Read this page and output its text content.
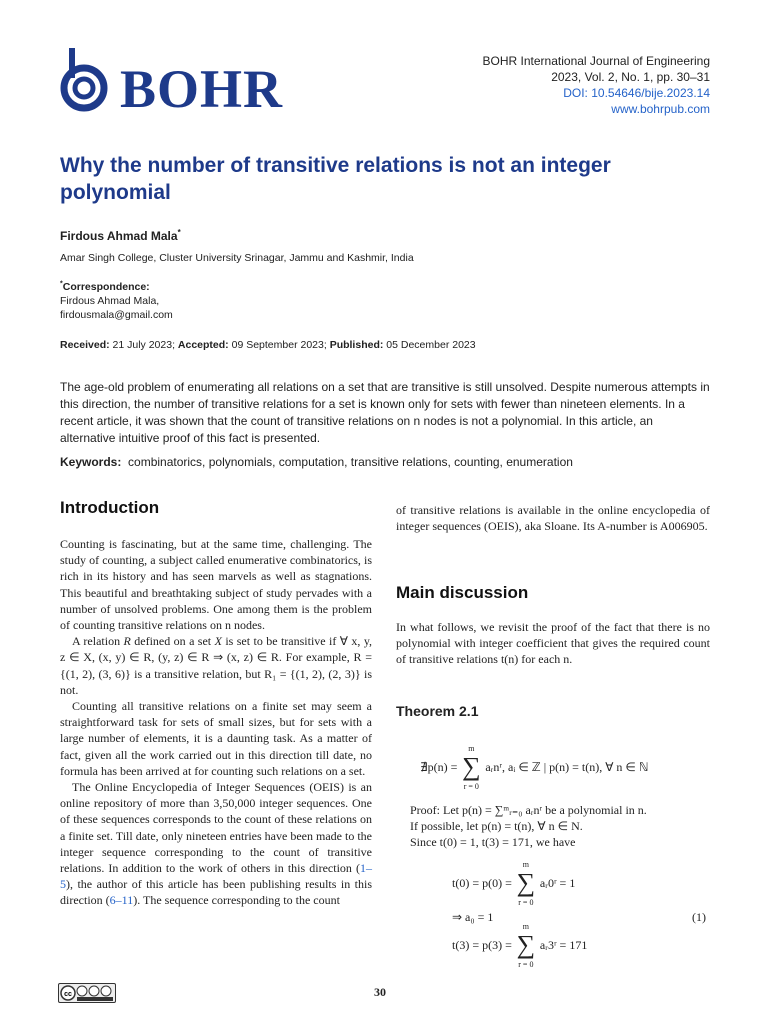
BOHR	BOHR International Journal of Engineering
2023, Vol. 2, No. 1, pp. 30–31
DOI: 10.54646/bije.2023.14
www.bohrpub.com
Why the number of transitive relations is not an integer polynomial
Firdous Ahmad Mala*
Amar Singh College, Cluster University Srinagar, Jammu and Kashmir, India
*Correspondence:
Firdous Ahmad Mala,
firdousmala@gmail.com
Received: 21 July 2023; Accepted: 09 September 2023; Published: 05 December 2023
The age-old problem of enumerating all relations on a set that are transitive is still unsolved. Despite numerous attempts in this direction, the number of transitive relations for a set is known only for sets with fewer than nineteen elements. In a recent article, it was shown that the count of transitive relations on n nodes is not a polynomial. In this article, an alternative intuitive proof of this fact is presented.
Keywords: combinatorics, polynomials, computation, transitive relations, counting, enumeration
Introduction

Counting is fascinating, but at the same time, challenging. The study of counting, a subject called enumerative combinatorics, is rich in its history and has seen marvels as well as stagnations. This beautiful and breathtaking subject of study pervades with a number of unsolved problems. One among them is the problem of counting transitive relations on n nodes.

A relation R defined on a set X is set to be transitive if ∀ x, y, z ∈ X, (x, y) ∈ R, (y, z) ∈ R ⇒ (x, z) ∈ R. For example, R = {(1, 2), (3, 6)} is a transitive relation, but R₁ = {(1, 2), (2, 3)} is not.

Counting all transitive relations on a finite set may seem a straightforward task for sets of small sizes, but for sets with a large number of elements, it is a daunting task. As a matter of fact, given all the work carried out in this direction till date, no formula has been arrived at for counting such relations on a set.

The Online Encyclopedia of Integer Sequences (OEIS) is an online repository of more than 3,50,000 integer sequences. One of these sequences corresponds to the count of these relations on a finite set. Till date, only nineteen entries have been made to the integer sequence corresponding to the count of transitive relations. In addition to the work of others in this direction (1–5), the author of this article has been publishing results in this direction (6–11). The sequence corresponding to the count

of transitive relations is available in the online encyclopedia of integer sequences (OEIS), aka Sloane. Its A-number is A006905.
Main discussion
In what follows, we revisit the proof of the fact that there is no polynomial with integer coefficient that gives the required count of transitive relations t(n) for each n.
Theorem 2.1
∄p(n) =
m
∑
r = 0
aᵣnʳ, aᵢ ∈ ℤ | p(n) = t(n), ∀ n ∈ ℕ
Proof: Let p(n) = ∑ᵐᵣ₌₀ aᵣnʳ be a polynomial in n.
If possible, let p(n) = t(n), ∀ n ∈ N.
Since t(0) = 1, t(3) = 171, we have
t(0) = p(0) =
m
∑
r = 0
aᵣ0ʳ = 1
⇒ a₀ = 1	(1)
t(3) = p(3) =
m
∑
r = 0
aᵣ3ʳ = 171
cc	30
